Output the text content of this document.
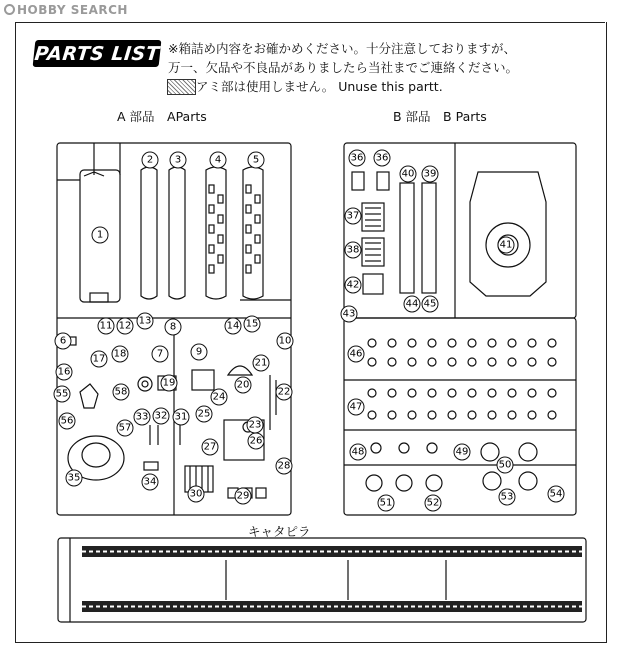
HOBBY SEARCH
PARTS LIST ※箱詰め内容をお確かめください。十分注意しておりますが、
万一、欠品や不良品がありましたら当社までご連絡ください。
アミ部は使用しません。 Unuse this partt.
A 部品　AParts	B 部品　B Parts
キャタピラ
1
2 3	4	5
6
7
8
9
10
11 12 13	14 15
16
17 18
19	20
21
22
23
24
25
26
27
28
29
30
31
32
33
34
35
55
56
57
58
36 36
37
38
39
40
41
42
43
44 45
46
47
48	49
50
51	52
53	54
